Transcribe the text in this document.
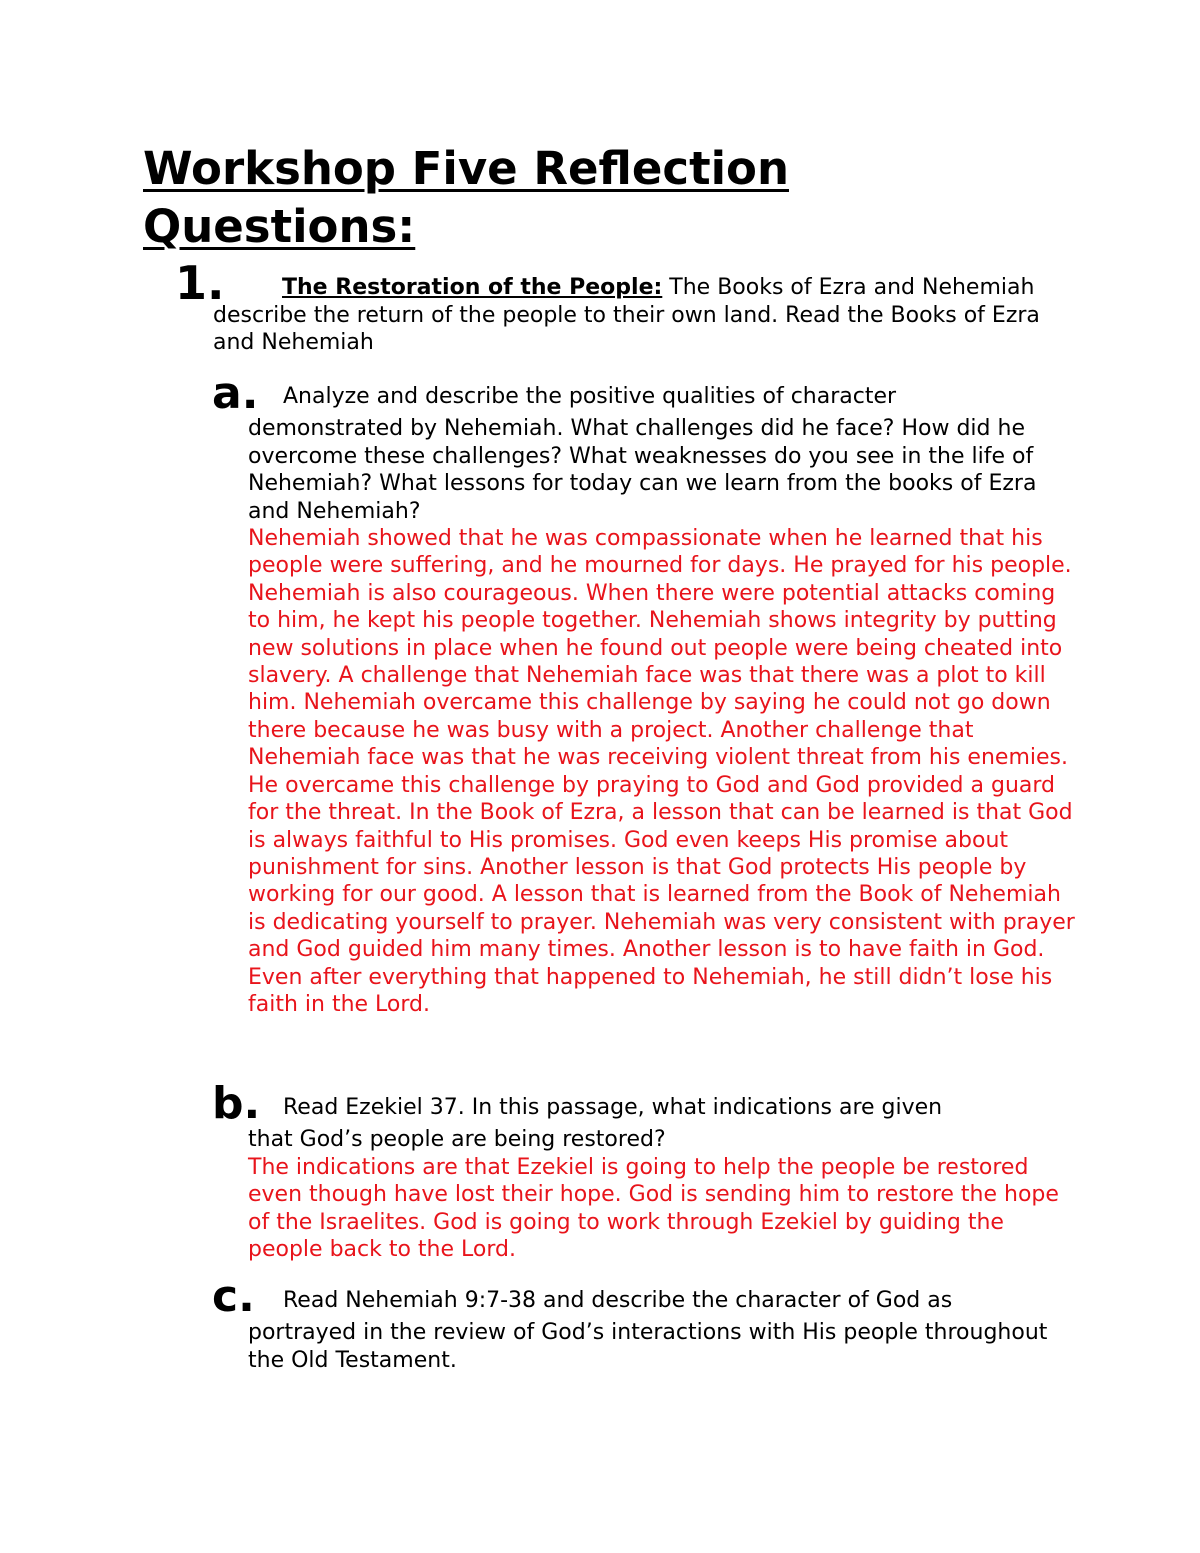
Workshop Five Reflection Questions:
1.	The Restoration of the People: The Books of Ezra and Nehemiah describe the return of the people to their own land. Read the Books of Ezra and Nehemiah
a. Analyze and describe the positive qualities of character
demonstrated by Nehemiah. What challenges did he face? How did he overcome these challenges? What weaknesses do you see in the life of Nehemiah? What lessons for today can we learn from the books of Ezra and Nehemiah?
Nehemiah showed that he was compassionate when he learned that his people were suffering, and he mourned for days. He prayed for his people. Nehemiah is also courageous. When there were potential attacks coming to him, he kept his people together. Nehemiah shows integrity by putting new solutions in place when he found out people were being cheated into slavery. A challenge that Nehemiah face was that there was a plot to kill him. Nehemiah overcame this challenge by saying he could not go down there because he was busy with a project. Another challenge that Nehemiah face was that he was receiving violent threat from his enemies. He overcame this challenge by praying to God and God provided a guard for the threat. In the Book of Ezra, a lesson that can be learned is that God is always faithful to His promises. God even keeps His promise about punishment for sins. Another lesson is that God protects His people by working for our good. A lesson that is learned from the Book of Nehemiah is dedicating yourself to prayer. Nehemiah was very consistent with prayer and God guided him many times. Another lesson is to have faith in God. Even after everything that happened to Nehemiah, he still didn’t lose his faith in the Lord.
b. Read Ezekiel 37. In this passage, what indications are given
that God’s people are being restored?
The indications are that Ezekiel is going to help the people be restored even though have lost their hope. God is sending him to restore the hope of the Israelites. God is going to work through Ezekiel by guiding the people back to the Lord.
c. Read Nehemiah 9:7-38 and describe the character of God as
portrayed in the review of God’s interactions with His people throughout the Old Testament.
